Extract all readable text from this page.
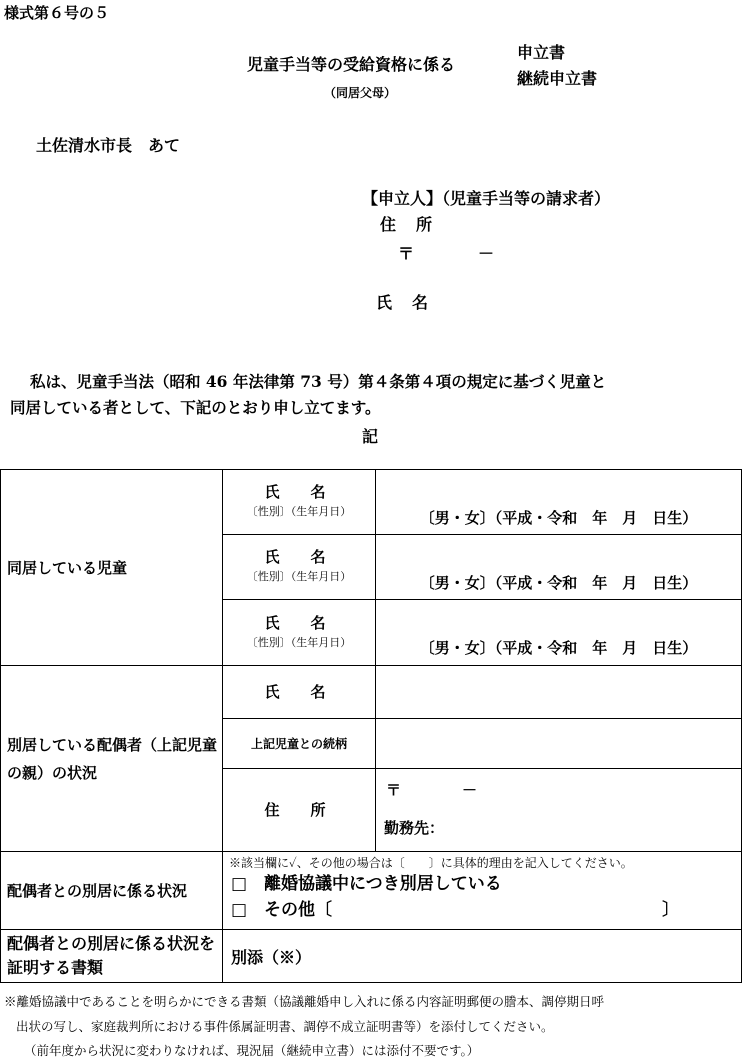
様式第６号の５
児童手当等の受給資格に係る
申立書
継続申立書
（同居父母）
土佐清水市長　あて
【申立人】（児童手当等の請求者）
住　所
〒	－
氏　名
私は、児童手当法（昭和 46 年法律第 73 号）第４条第４項の規定に基づく児童と
同居している者として、下記のとおり申し立てます。
記
同居している児童	氏　名
〔性別〕（生年月日）	〔男・女〕（平成・令和　年　月　日生）

	氏　名
〔性別〕（生年月日）	〔男・女〕（平成・令和　年　月　日生）

	氏　名
〔性別〕（生年月日）	〔男・女〕（平成・令和　年　月　日生）

別居している配偶者（上記児童の親）の状況	氏　名	
	上記児童との続柄	
	住　所	〒 －
勤務先：

配偶者との別居に係る状況	※該当欄に✓、その他の場合は〔　　〕に具体的理由を記入してください。
□　離婚協議中につき別居している
□　その他〔 〕	

配偶者との別居に係る状況を証明する書類	別添（※）	
※離婚協議中であることを明らかにできる書類（協議離婚申し入れに係る内容証明郵便の謄本、調停期日呼
出状の写し、家庭裁判所における事件係属証明書、調停不成立証明書等）を添付してください。
（前年度から状況に変わりなければ、現況届（継続申立書）には添付不要です。）
